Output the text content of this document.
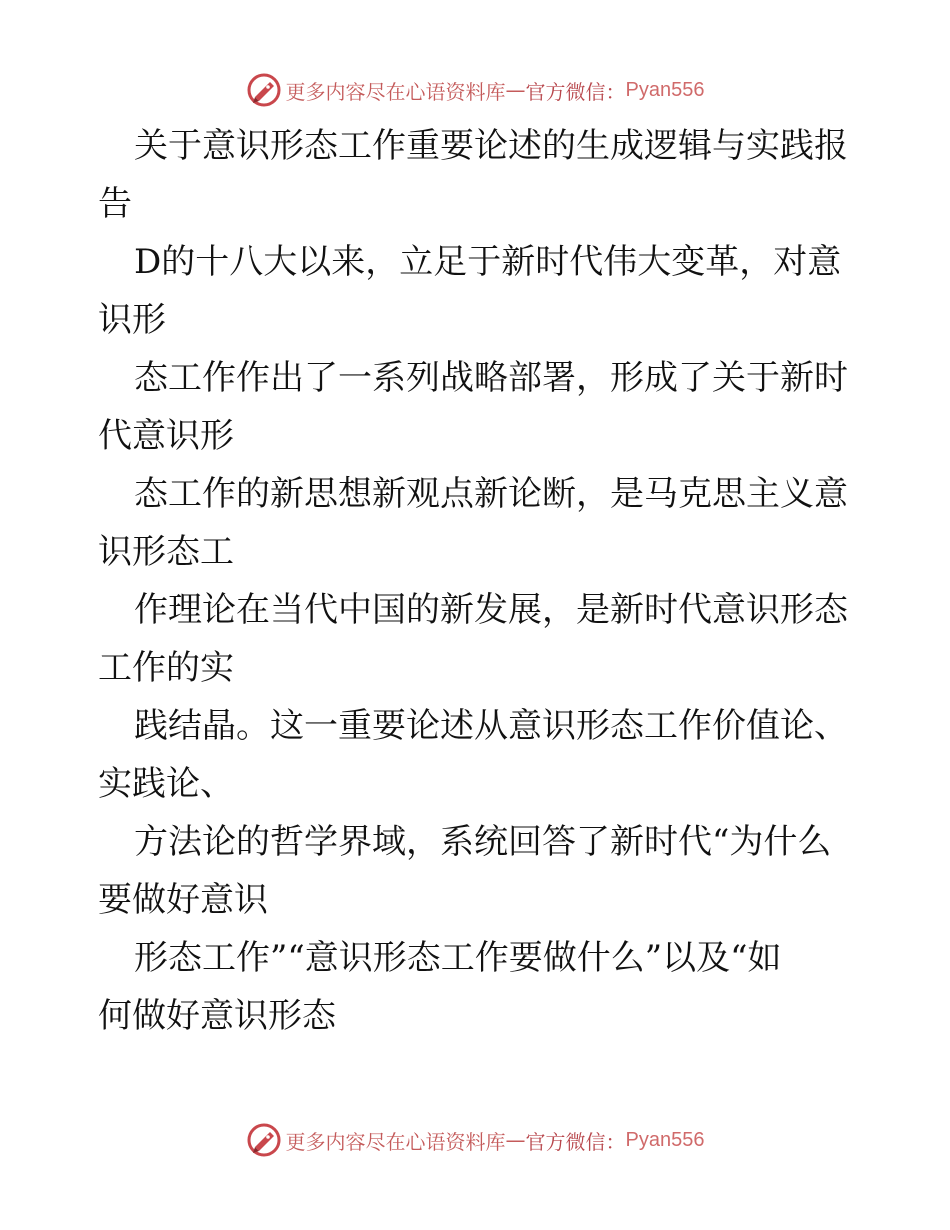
更多内容尽在心语资料库 — 官方微信： Pyan556
关于意识形态工作重要论述的生成逻辑与实践报
告
D的十八大以来，立足于新时代伟大变革，对意
识形
态工作作出了一系列战略部署，形成了关于新时
代意识形
态工作的新思想新观点新论断，是马克思主义意
识形态工
作理论在当代中国的新发展，是新时代意识形态
工作的实
践结晶。这一重要论述从意识形态工作价值论、
实践论、
方法论的哲学界域，系统回答了新时代“为什么
要做好意识
形态工作”“意识形态工作要做什么”以及“如
何做好意识形态
更多内容尽在心语资料库 — 官方微信： Pyan556
